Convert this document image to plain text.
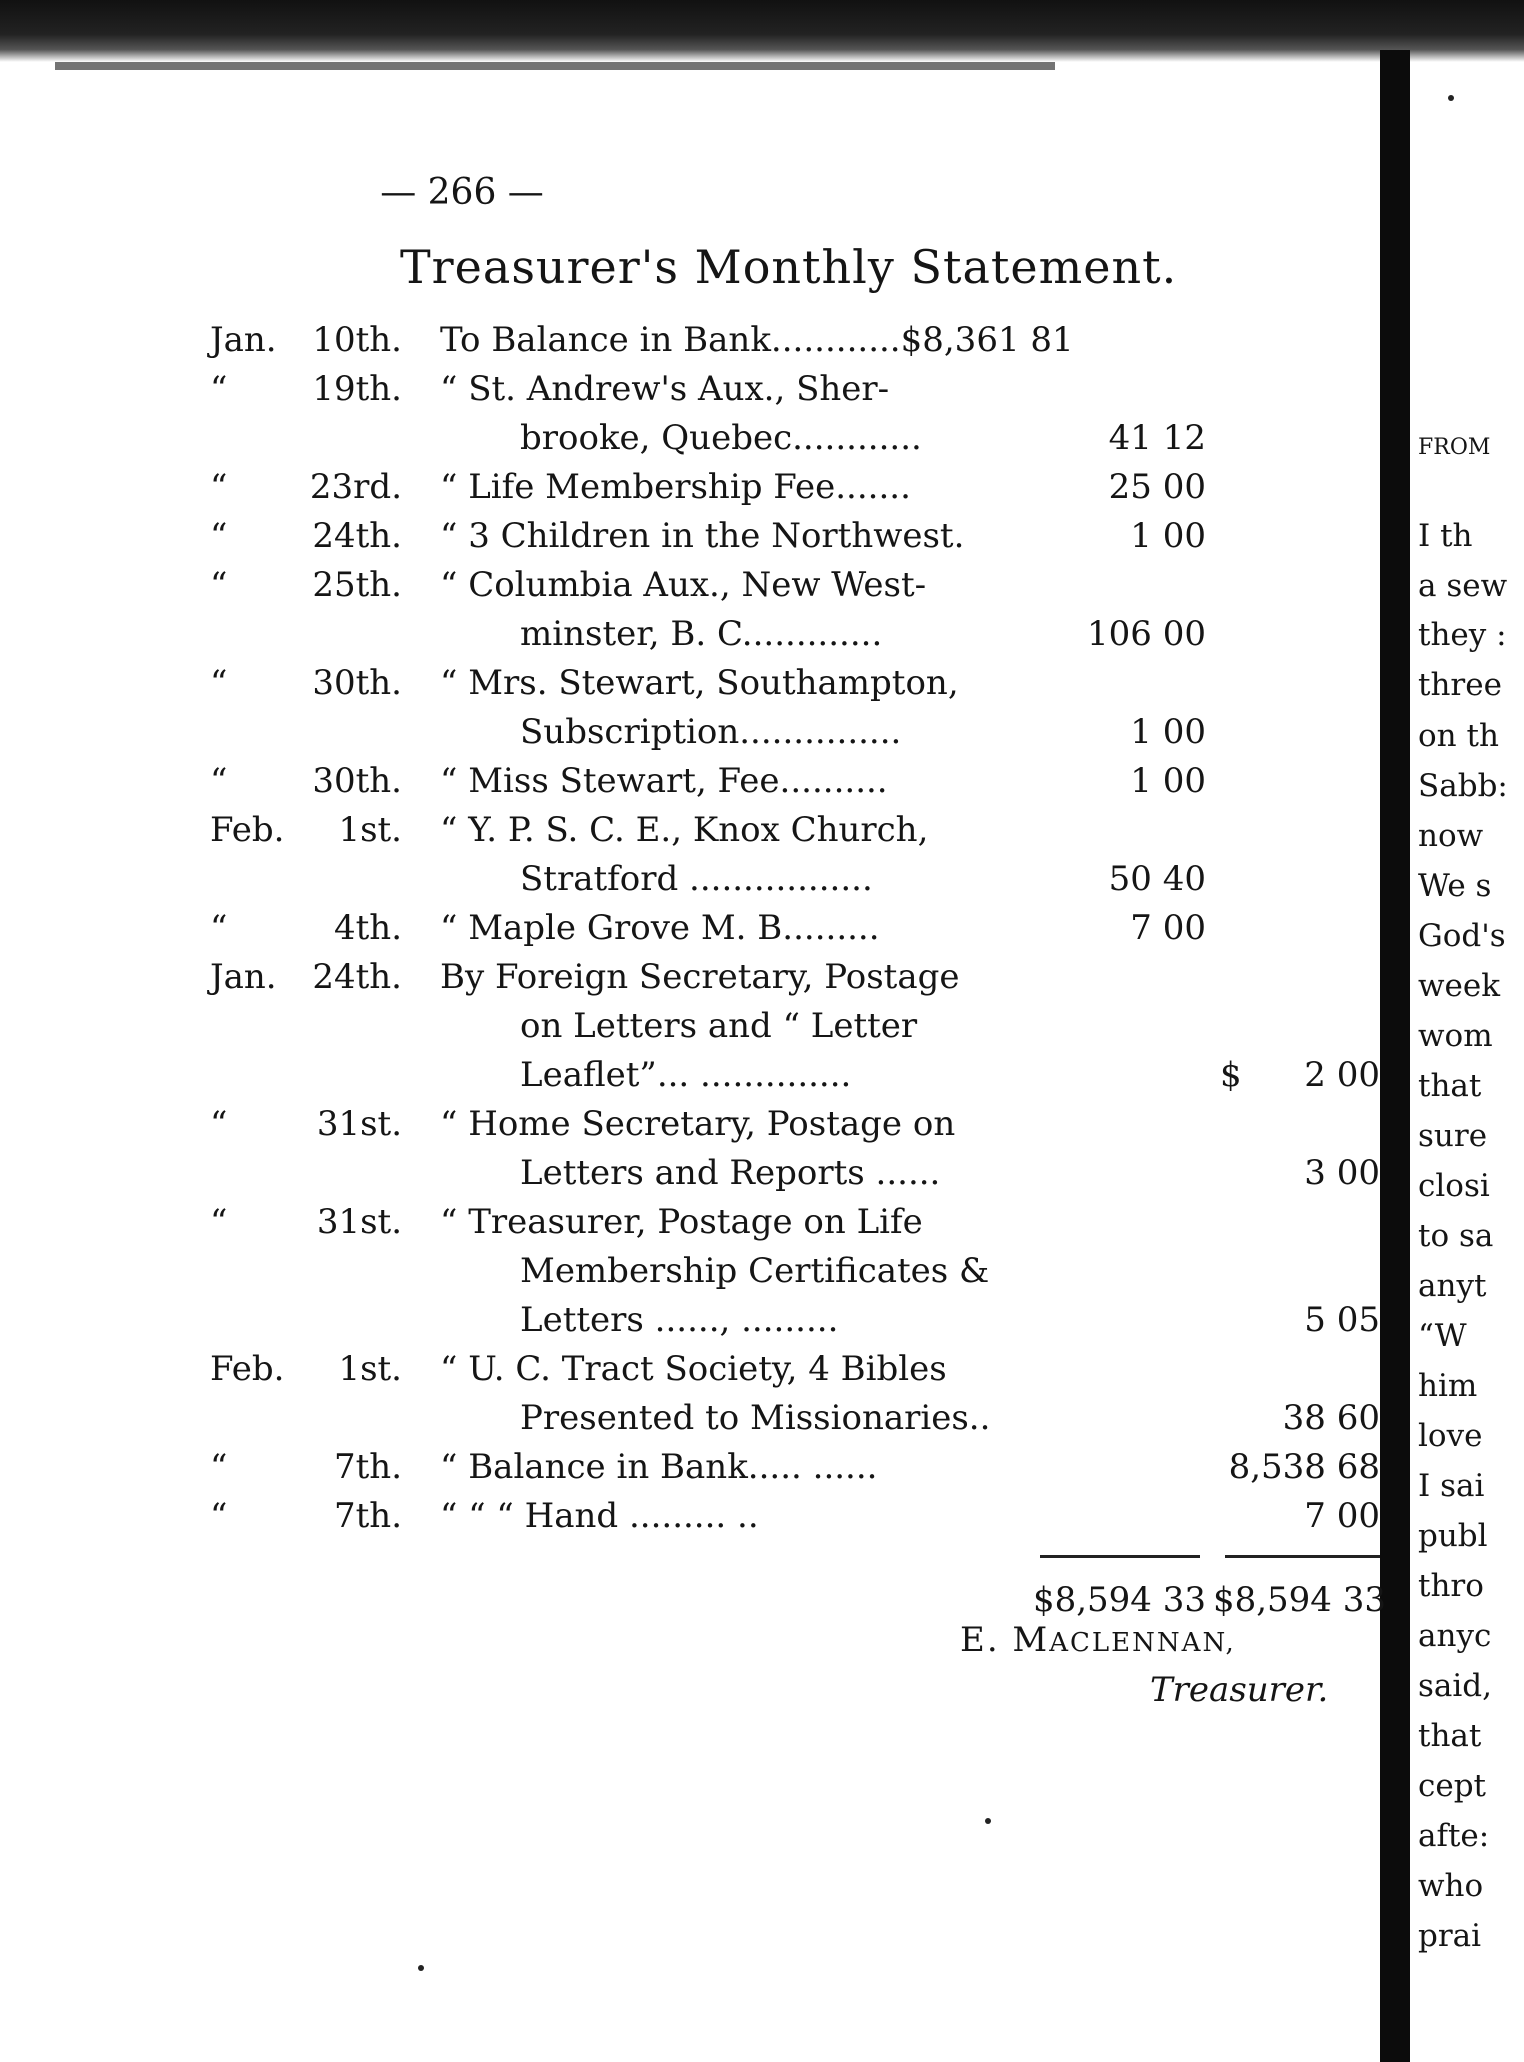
— 266 —
Treasurer's Monthly Statement.
Jan.	10th. To Balance in Bank............$8,361 81
“	19th. “ St. Andrew's Aux., Sher-
brooke, Quebec............	41 12
“	23rd. “ Life Membership Fee.......	25 00
“	24th. “ 3 Children in the Northwest.	1 00
“	25th. “ Columbia Aux., New West-
minster, B. C.............	106 00
“	30th. “ Mrs. Stewart, Southampton,
Subscription...............	1 00
“	30th. “ Miss Stewart, Fee..........	1 00
Feb.	1st. “ Y. P. S. C. E., Knox Church,
Stratford .................	50 40
“	4th. “ Maple Grove M. B.........	7 00
Jan.	24th. By Foreign Secretary, Postage
on Letters and “ Letter
Leaflet”... ..............	$	2 00
“	31st. “ Home Secretary, Postage on
Letters and Reports ......	3 00
“	31st. “ Treasurer, Postage on Life
Membership Certificates &
Letters ......, .........	5 05
Feb.	1st. “ U. C. Tract Society, 4 Bibles
Presented to Missionaries..	38 60
“	7th. “ Balance in Bank..... ......	8,538 68
“	7th. “ “ “ Hand ......... ..	7 00
$8,594 33 $8,594 33
E. MACLENNAN,
Treasurer.
FROM
I th
a sew
they :
three
on th
Sabb:
now
We s
God's
week
wom
that
sure
closi
to sa
anyt
“W
him
love
I sai
publ
thro
anyc
said,
that
cept
afte:
who
prai
